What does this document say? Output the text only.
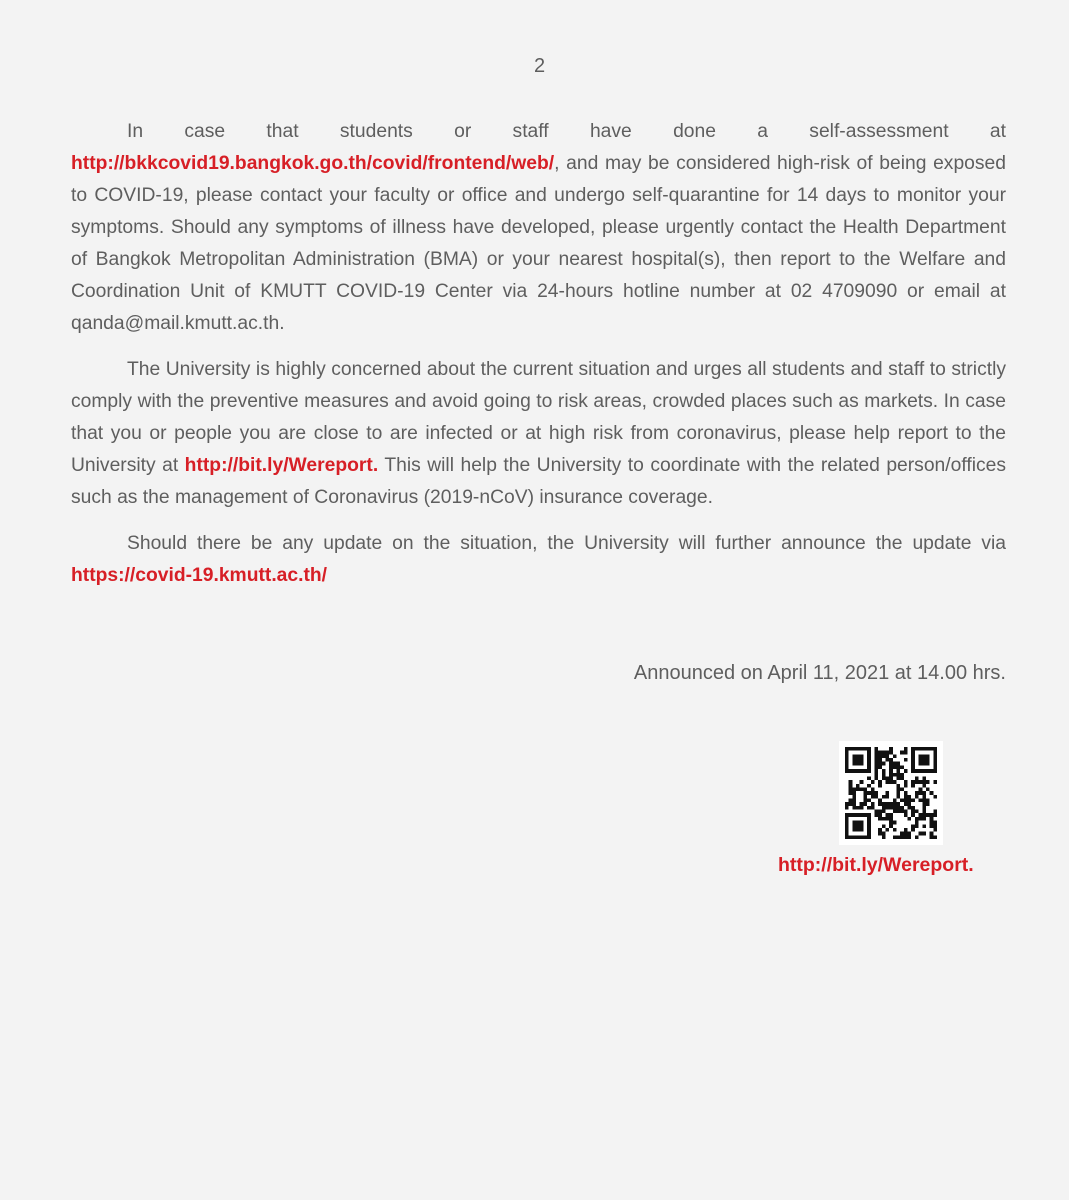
2

In case that students or staff have done a self-assessment at http://bkkcovid19.bangkok.go.th/covid/frontend/web/, and may be considered high-risk of being exposed to COVID-19, please contact your faculty or office and undergo self-quarantine for 14 days to monitor your symptoms. Should any symptoms of illness have developed, please urgently contact the Health Department of Bangkok Metropolitan Administration (BMA) or your nearest hospital(s), then report to the Welfare and Coordination Unit of KMUTT COVID-19 Center via 24-hours hotline number at 02 4709090 or email at qanda@mail.kmutt.ac.th.

The University is highly concerned about the current situation and urges all students and staff to strictly comply with the preventive measures and avoid going to risk areas, crowded places such as markets. In case that you or people you are close to are infected or at high risk from coronavirus, please help report to the University at http://bit.ly/Wereport. This will help the University to coordinate with the related person/offices such as the management of Coronavirus (2019-nCoV) insurance coverage.

Should there be any update on the situation, the University will further announce the update via https://covid-19.kmutt.ac.th/

Announced on April 11, 2021 at 14.00 hrs.
http://bit.ly/Wereport.
